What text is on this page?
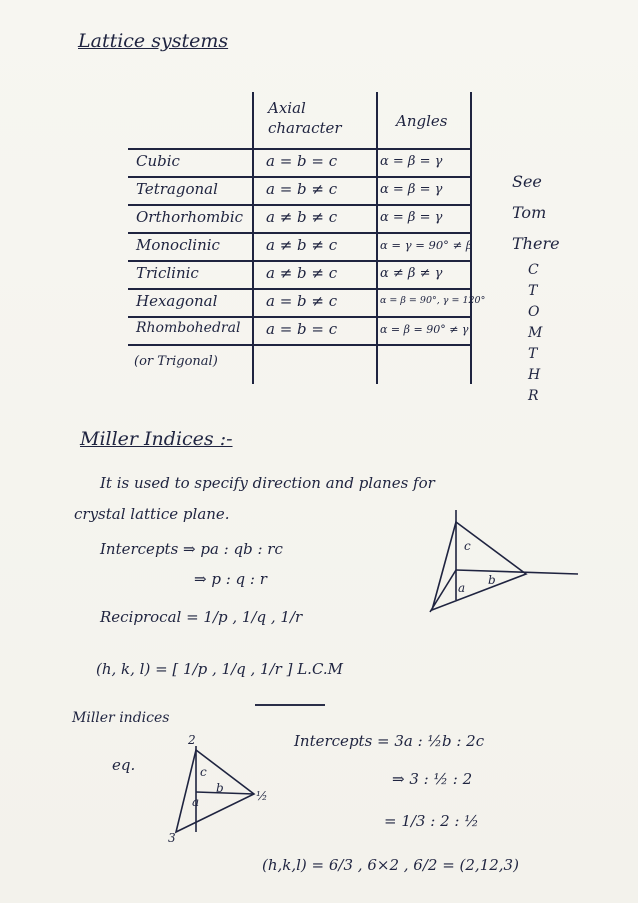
Lattice systems
Axial character	Angles
Cubic	a = b = c	α = β = γ
Tetragonal	a = b ≠ c	α = β = γ
Orthorhombic a ≠ b ≠ c	α = β = γ
Monoclinic	a ≠ b ≠ c	α = γ = 90° ≠ β
Triclinic	a ≠ b ≠ c	α ≠ β ≠ γ
Hexagonal	a = b ≠ c	α = β = 90°, γ = 120°
Rhombohedral a = b = c	α = β = 90° ≠ γ
(or Trigonal)
See
Tom
There
C
T
O
M
T
H
R
Miller Indices :-
It is used to specify direction and planes for
crystal lattice plane.
Intercepts ⇒ pa : qb : rc
⇒ p : q : r
Reciprocal = 1/p , 1/q , 1/r
(h, k, l) = [ 1/p , 1/q , 1/r ] L.C.M
Miller indices
eq.
Intercepts = 3a : ½b : 2c
⇒ 3 : ½ : 2
= 1/3 : 2 : ½
(h,k,l) = 6/3 , 6×2 , 6/2 = (2,12,3)
c
a
b
2
c
a
b
½
3
